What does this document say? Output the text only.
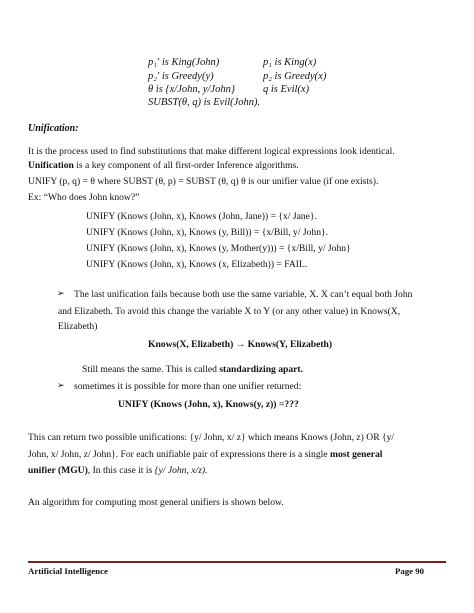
p₁′ is King(John)
p₂′ is Greedy(y)
θ is {x/John, y/John}
SUBST(θ, q) is Evil(John).
p₁ is King(x)
p₂ is Greedy(x)
q is Evil(x)
Unification:
It is the process used to find substitutions that make different logical expressions look identical.
Unification is a key component of all first-order Inference algorithms.
UNIFY (p, q) = θ where SUBST (θ, p) = SUBST (θ, q) θ is our unifier value (if one exists).
Ex: “Who does John know?”
UNIFY (Knows (John, x), Knows (John, Jane)) = {x/ Jane}.
UNIFY (Knows (John, x), Knows (y, Bill)) = {x/Bill, y/ John}.
UNIFY (Knows (John, x), Knows (y, Mother(y))) = {x/Bill, y/ John}
UNIFY (Knows (John, x), Knows (x, Elizabeth)) = FAIL.
➢ The last unification fails because both use the same variable, X. X can’t equal both John
and Elizabeth. To avoid this change the variable X to Y (or any other value) in Knows(X,
Elizabeth)
Knows(X, Elizabeth) → Knows(Y, Elizabeth)
Still means the same. This is called standardizing apart.
➢ sometimes it is possible for more than one unifier returned:
UNIFY (Knows (John, x), Knows(y, z)) =???
This can return two possible unifications: {y/ John, x/ z} which means Knows (John, z) OR {y/
John, x/ John, z/ John}. For each unifiable pair of expressions there is a single most general
unifier (MGU), In this case it is {y/ John, x/z).
An algorithm for computing most general unifiers is shown below.
Artificial Intelligence	Page 90
